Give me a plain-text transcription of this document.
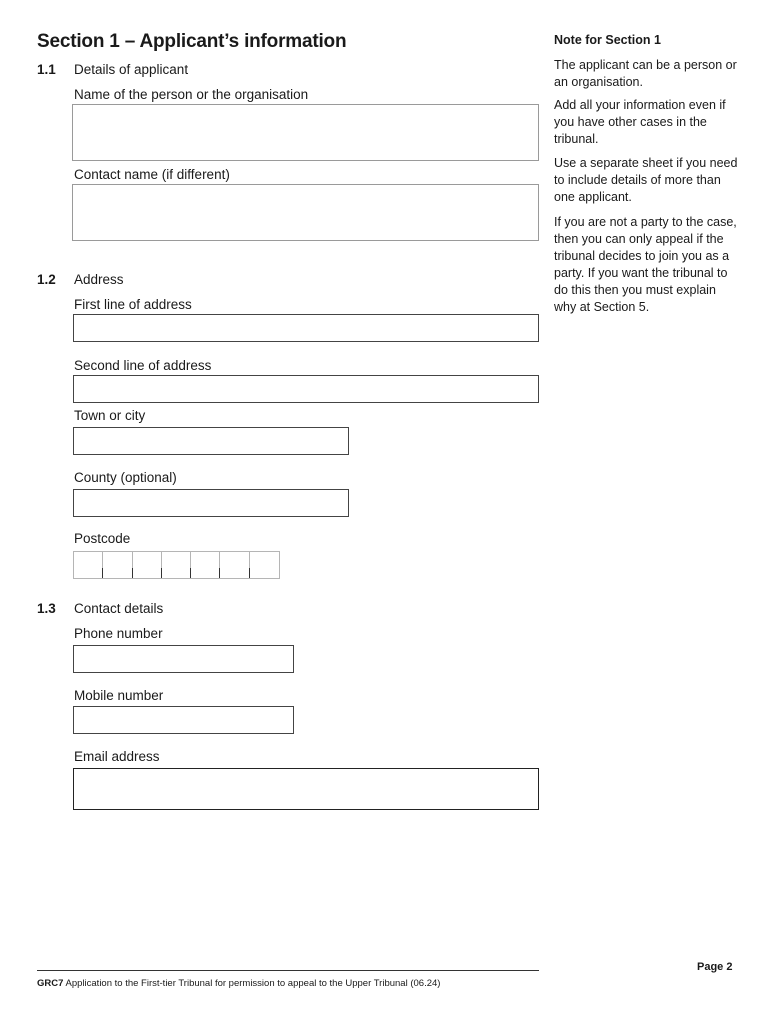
Section 1 – Applicant’s information
1.1 Details of applicant
Name of the person or the organisation
Contact name (if different)
1.2 Address
First line of address
Second line of address
Town or city
County (optional)
Postcode
1.3 Contact details
Phone number
Mobile number
Email address
Note for Section 1
The applicant can be a person or an organisation.
Add all your information even if you have other cases in the tribunal.
Use a separate sheet if you need to include details of more than one applicant.
If you are not a party to the case, then you can only appeal if the tribunal decides to join you as a party. If you want the tribunal to do this then you must explain why at Section 5.
Page 2
GRC7 Application to the First-tier Tribunal for permission to appeal to the Upper Tribunal (06.24)
